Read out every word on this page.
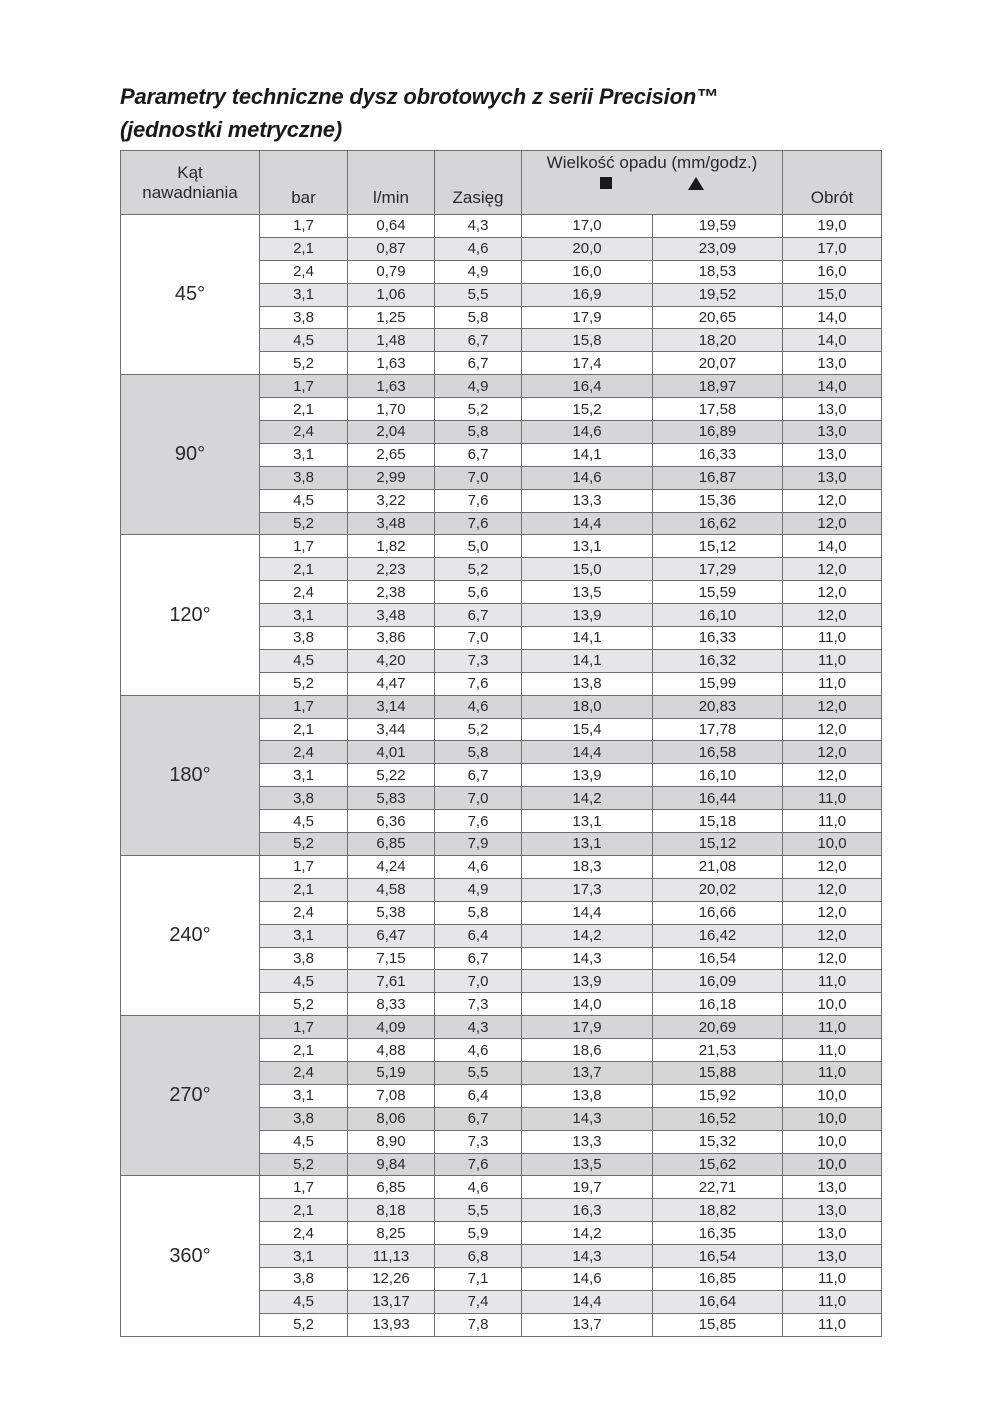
Parametry techniczne dysz obrotowych z serii Precision™
(jednostki metryczne)
Kąt
nawadniania	bar	l/min	Zasięg	Wielkość opadu (mm/godz.)		Obrót
45°	1,7	0,64	4,3	17,0	19,59	19,0
	2,1	0,87	4,6	20,0	23,09	17,0
	2,4	0,79	4,9	16,0	18,53	16,0
	3,1	1,06	5,5	16,9	19,52	15,0
	3,8	1,25	5,8	17,9	20,65	14,0
	4,5	1,48	6,7	15,8	18,20	14,0
	5,2	1,63	6,7	17,4	20,07	13,0
90°	1,7	1,63	4,9	16,4	18,97	14,0
	2,1	1,70	5,2	15,2	17,58	13,0
	2,4	2,04	5,8	14,6	16,89	13,0
	3,1	2,65	6,7	14,1	16,33	13,0
	3,8	2,99	7,0	14,6	16,87	13,0
	4,5	3,22	7,6	13,3	15,36	12,0
	5,2	3,48	7,6	14,4	16,62	12,0
120°	1,7	1,82	5,0	13,1	15,12	14,0
	2,1	2,23	5,2	15,0	17,29	12,0
	2,4	2,38	5,6	13,5	15,59	12,0
	3,1	3,48	6,7	13,9	16,10	12,0
	3,8	3,86	7,0	14,1	16,33	11,0
	4,5	4,20	7,3	14,1	16,32	11,0
	5,2	4,47	7,6	13,8	15,99	11,0
180°	1,7	3,14	4,6	18,0	20,83	12,0
	2,1	3,44	5,2	15,4	17,78	12,0
	2,4	4,01	5,8	14,4	16,58	12,0
	3,1	5,22	6,7	13,9	16,10	12,0
	3,8	5,83	7,0	14,2	16,44	11,0
	4,5	6,36	7,6	13,1	15,18	11,0
	5,2	6,85	7,9	13,1	15,12	10,0
240°	1,7	4,24	4,6	18,3	21,08	12,0
	2,1	4,58	4,9	17,3	20,02	12,0
	2,4	5,38	5,8	14,4	16,66	12,0
	3,1	6,47	6,4	14,2	16,42	12,0
	3,8	7,15	6,7	14,3	16,54	12,0
	4,5	7,61	7,0	13,9	16,09	11,0
	5,2	8,33	7,3	14,0	16,18	10,0
270°	1,7	4,09	4,3	17,9	20,69	11,0
	2,1	4,88	4,6	18,6	21,53	11,0
	2,4	5,19	5,5	13,7	15,88	11,0
	3,1	7,08	6,4	13,8	15,92	10,0
	3,8	8,06	6,7	14,3	16,52	10,0
	4,5	8,90	7,3	13,3	15,32	10,0
	5,2	9,84	7,6	13,5	15,62	10,0
360°	1,7	6,85	4,6	19,7	22,71	13,0
	2,1	8,18	5,5	16,3	18,82	13,0
	2,4	8,25	5,9	14,2	16,35	13,0
	3,1	11,13	6,8	14,3	16,54	13,0
	3,8	12,26	7,1	14,6	16,85	11,0
	4,5	13,17	7,4	14,4	16,64	11,0
	5,2	13,93	7,8	13,7	15,85	11,0
